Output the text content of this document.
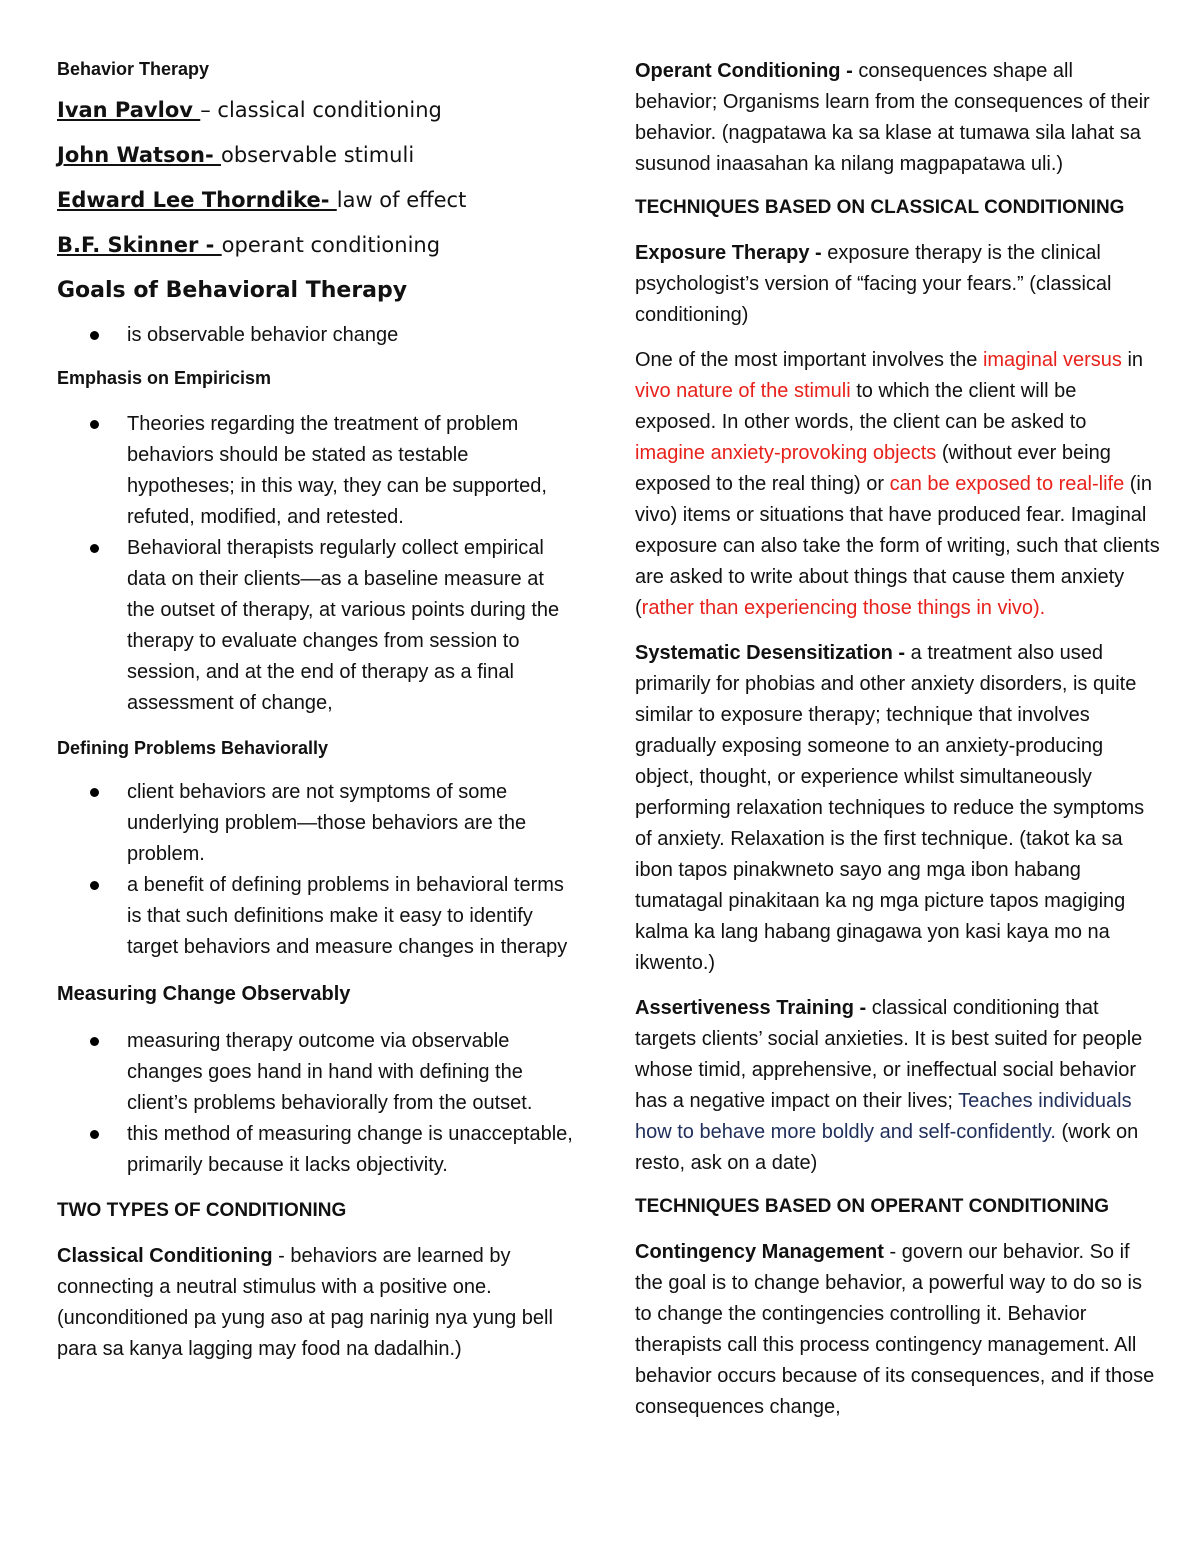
Behavior Therapy

Ivan Pavlov – classical conditioning

John Watson- observable stimuli

Edward Lee Thorndike- law of effect

B.F. Skinner - operant conditioning

Goals of Behavioral Therapy

is observable behavior change

Emphasis on Empiricism

Theories regarding the treatment of problem behaviors should be stated as testable hypotheses; in this way, they can be supported, refuted, modified, and retested.
Behavioral therapists regularly collect empirical data on their clients—as a baseline measure at the outset of therapy, at various points during the therapy to evaluate changes from session to session, and at the end of therapy as a final assessment of change,

Defining Problems Behaviorally

client behaviors are not symptoms of some underlying problem—those behaviors are the problem.
a benefit of defining problems in behavioral terms is that such definitions make it easy to identify target behaviors and measure changes in therapy

Measuring Change Observably

measuring therapy outcome via observable changes goes hand in hand with defining the client’s problems behaviorally from the outset.
this method of measuring change is unacceptable, primarily because it lacks objectivity.

TWO TYPES OF CONDITIONING

Classical Conditioning - behaviors are learned by connecting a neutral stimulus with a positive one. (unconditioned pa yung aso at pag narinig nya yung bell para sa kanya lagging may food na dadalhin.)

Operant Conditioning - consequences shape all behavior; Organisms learn from the consequences of their behavior. (nagpatawa ka sa klase at tumawa sila lahat sa susunod inaasahan ka nilang magpapatawa uli.)

TECHNIQUES BASED ON CLASSICAL CONDITIONING

Exposure Therapy - exposure therapy is the clinical psychologist’s version of “facing your fears.” (classical conditioning)

One of the most important involves the imaginal versus in vivo nature of the stimuli to which the client will be exposed. In other words, the client can be asked to imagine anxiety-provoking objects (without ever being exposed to the real thing) or can be exposed to real-life (in vivo) items or situations that have produced fear. Imaginal exposure can also take the form of writing, such that clients are asked to write about things that cause them anxiety (rather than experiencing those things in vivo).

Systematic Desensitization - a treatment also used primarily for phobias and other anxiety disorders, is quite similar to exposure therapy; technique that involves gradually exposing someone to an anxiety-producing object, thought, or experience whilst simultaneously performing relaxation techniques to reduce the symptoms of anxiety. Relaxation is the first technique. (takot ka sa ibon tapos pinakwneto sayo ang mga ibon habang tumatagal pinakitaan ka ng mga picture tapos magiging kalma ka lang habang ginagawa yon kasi kaya mo na ikwento.)

Assertiveness Training - classical conditioning that targets clients’ social anxieties. It is best suited for people whose timid, apprehensive, or ineffectual social behavior has a negative impact on their lives; Teaches individuals how to behave more boldly and self-confidently. (work on resto, ask on a date)

TECHNIQUES BASED ON OPERANT CONDITIONING

Contingency Management - govern our behavior. So if the goal is to change behavior, a powerful way to do so is to change the contingencies controlling it. Behavior therapists call this process contingency management. All behavior occurs because of its consequences, and if those consequences change,
